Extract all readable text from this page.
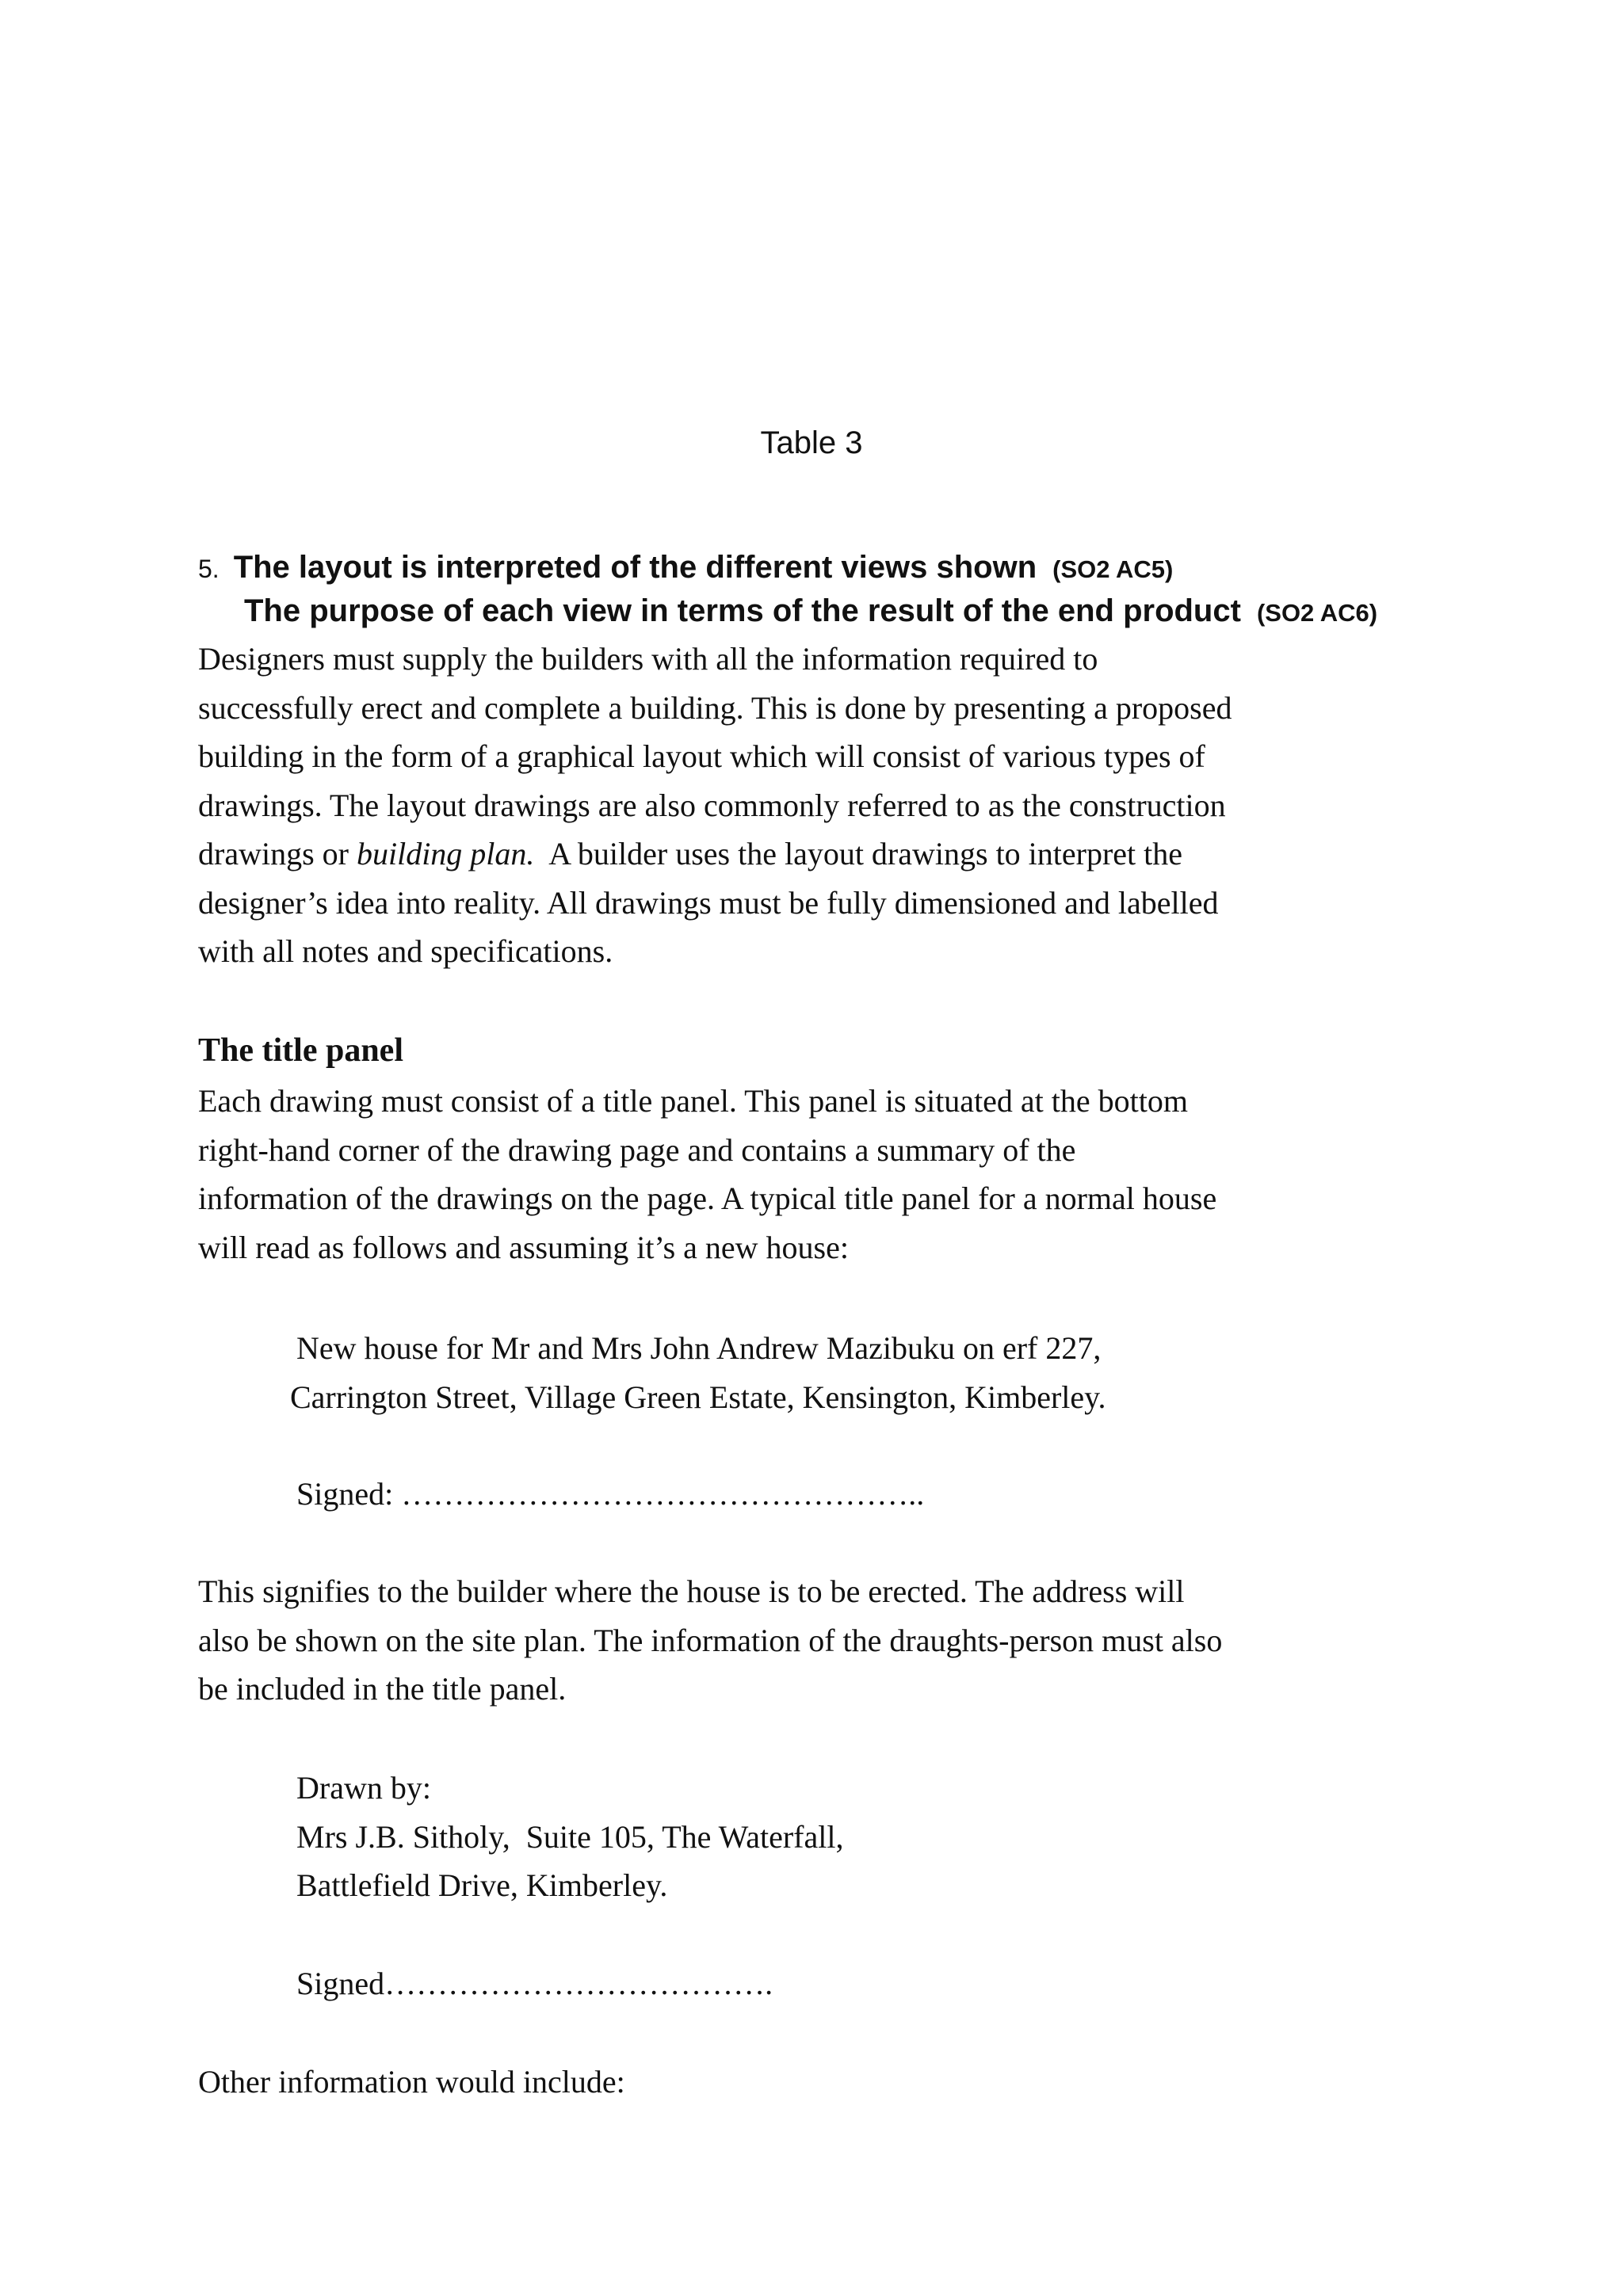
Table 3
5. The layout is interpreted of the different views shown (SO2 AC5)
The purpose of each view in terms of the result of the end product (SO2 AC6)
Designers must supply the builders with all the information required to
successfully erect and complete a building. This is done by presenting a proposed
building in the form of a graphical layout which will consist of various types of
drawings. The layout drawings are also commonly referred to as the construction
drawings or building plan.  A builder uses the layout drawings to interpret the
designer’s idea into reality. All drawings must be fully dimensioned and labelled
with all notes and specifications.
The title panel
Each drawing must consist of a title panel. This panel is situated at the bottom
right-hand corner of the drawing page and contains a summary of the
information of the drawings on the page. A typical title panel for a normal house
will read as follows and assuming it’s a new house:
New house for Mr and Mrs John Andrew Mazibuku on erf 227,
Carrington Street, Village Green Estate, Kensington, Kimberley.
Signed: …………………………………………..
This signifies to the builder where the house is to be erected. The address will
also be shown on the site plan. The information of the draughts-person must also
be included in the title panel.
Drawn by:
Mrs J.B. Sitholy,  Suite 105, The Waterfall,
Battlefield Drive, Kimberley.
Signed……………………………….
Other information would include:
